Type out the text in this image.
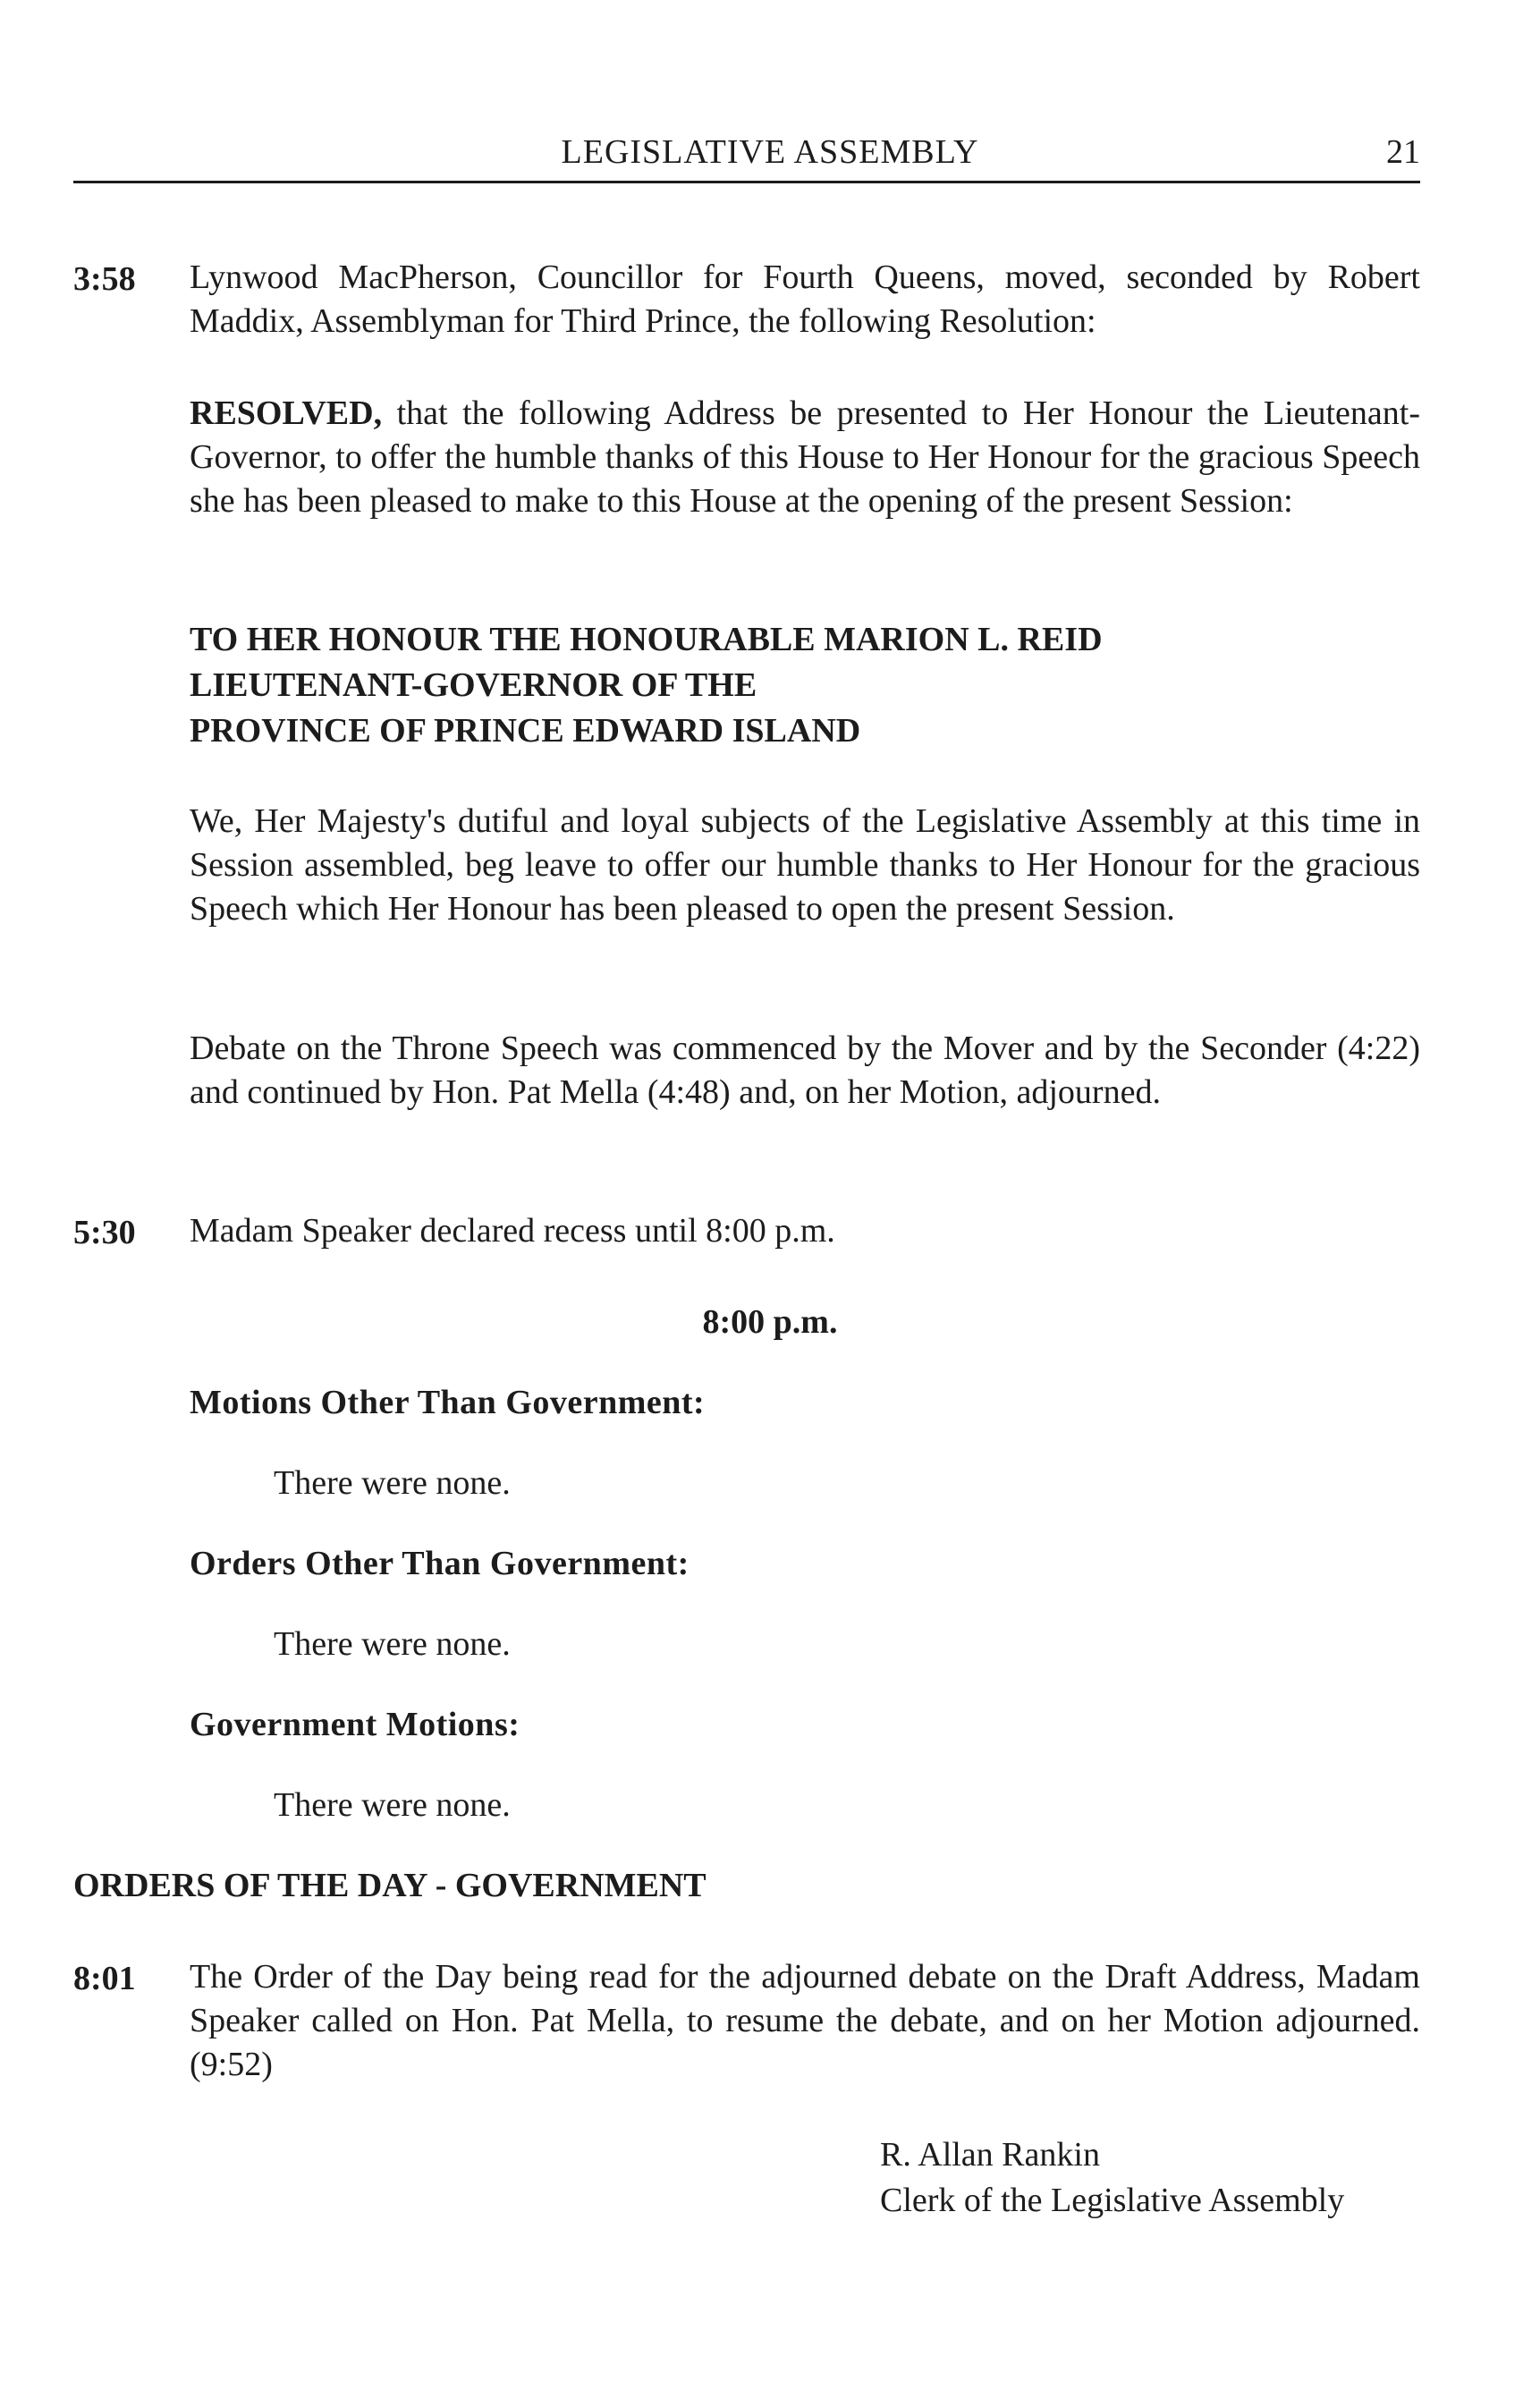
LEGISLATIVE ASSEMBLY	21
3:58 Lynwood MacPherson, Councillor for Fourth Queens, moved, seconded by Robert Maddix, Assemblyman for Third Prince, the following Resolution:
RESOLVED, that the following Address be presented to Her Honour the Lieutenant-Governor, to offer the humble thanks of this House to Her Honour for the gracious Speech she has been pleased to make to this House at the opening of the present Session:
TO HER HONOUR THE HONOURABLE MARION L. REID
LIEUTENANT-GOVERNOR OF THE
PROVINCE OF PRINCE EDWARD ISLAND
We, Her Majesty's dutiful and loyal subjects of the Legislative Assembly at this time in Session assembled, beg leave to offer our humble thanks to Her Honour for the gracious Speech which Her Honour has been pleased to open the present Session.
Debate on the Throne Speech was commenced by the Mover and by the Seconder (4:22) and continued by Hon. Pat Mella (4:48) and, on her Motion, adjourned.
5:30 Madam Speaker declared recess until 8:00 p.m.
8:00 p.m.
Motions Other Than Government:
There were none.
Orders Other Than Government:
There were none.
Government Motions:
There were none.
ORDERS OF THE DAY - GOVERNMENT
8:01 The Order of the Day being read for the adjourned debate on the Draft Address, Madam Speaker called on Hon. Pat Mella, to resume the debate, and on her Motion adjourned. (9:52)
R. Allan Rankin
Clerk of the Legislative Assembly
